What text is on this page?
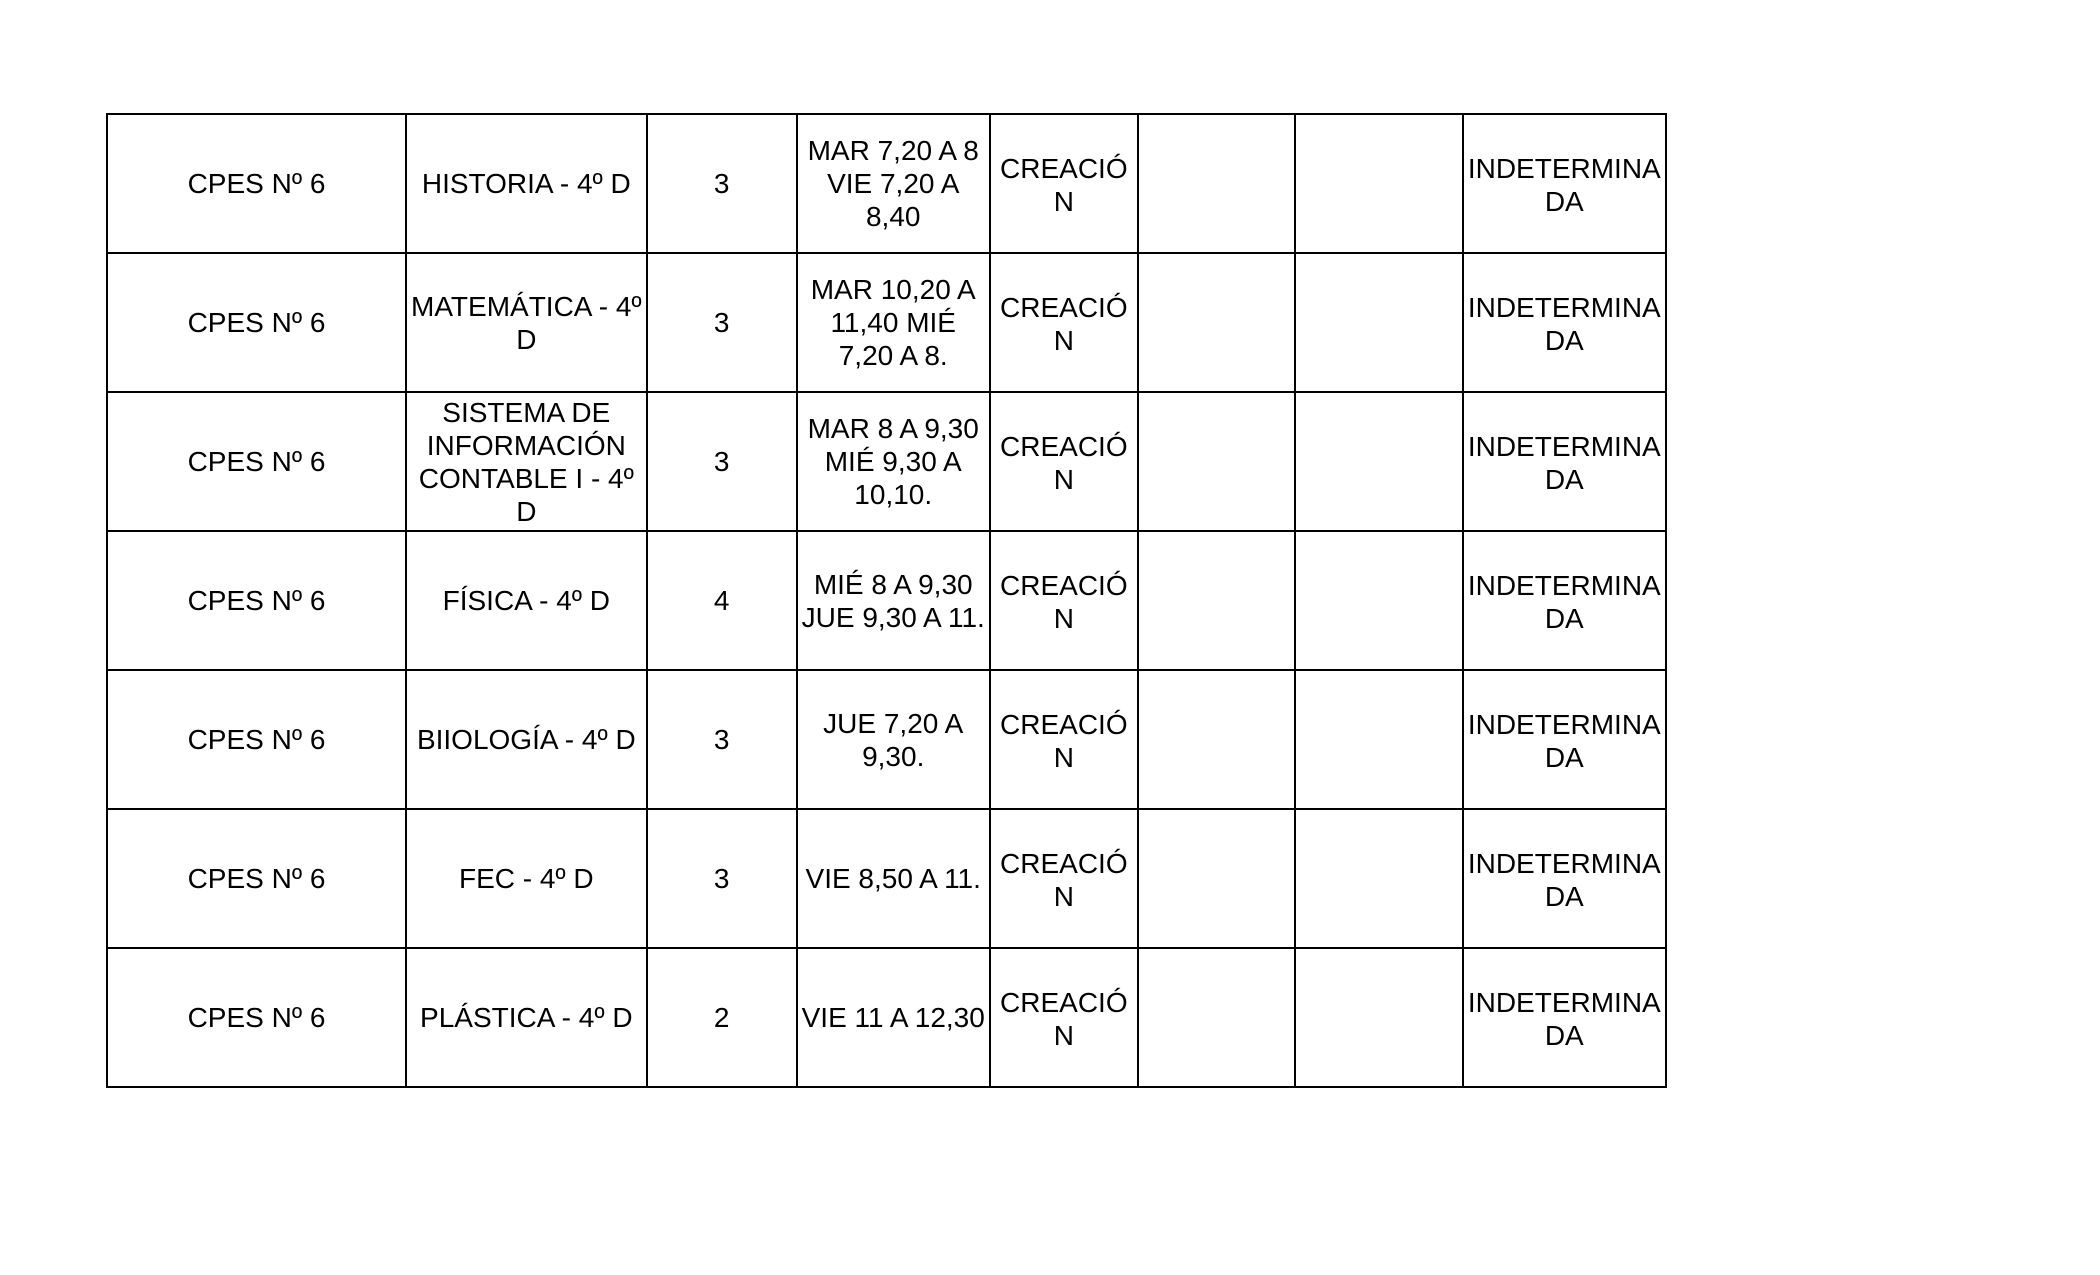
CPES Nº 6	HISTORIA - 4º D	3	MAR 7,20 A 8
VIE 7,20 A
8,40	CREACIÓ
N			INDETERMINA
DA

CPES Nº 6	MATEMÁTICA - 4º
D	3	MAR 10,20 A
11,40 MIÉ
7,20 A 8.	CREACIÓ
N			INDETERMINA
DA

CPES Nº 6	SISTEMA DE
INFORMACIÓN
CONTABLE I - 4º
D	3	MAR 8 A 9,30
MIÉ 9,30 A
10,10.	CREACIÓ
N			INDETERMINA
DA

CPES Nº 6	FÍSICA - 4º D	4	MIÉ 8 A 9,30
JUE 9,30 A 11.	CREACIÓ
N			INDETERMINA
DA

CPES Nº 6	BIIOLOGÍA - 4º D	3	JUE 7,20 A
9,30.	CREACIÓ
N			INDETERMINA
DA

CPES Nº 6	FEC - 4º D	3	VIE 8,50 A 11.	CREACIÓ
N			INDETERMINA
DA

CPES Nº 6	PLÁSTICA - 4º D	2	VIE 11 A 12,30	CREACIÓ
N			INDETERMINA
DA
